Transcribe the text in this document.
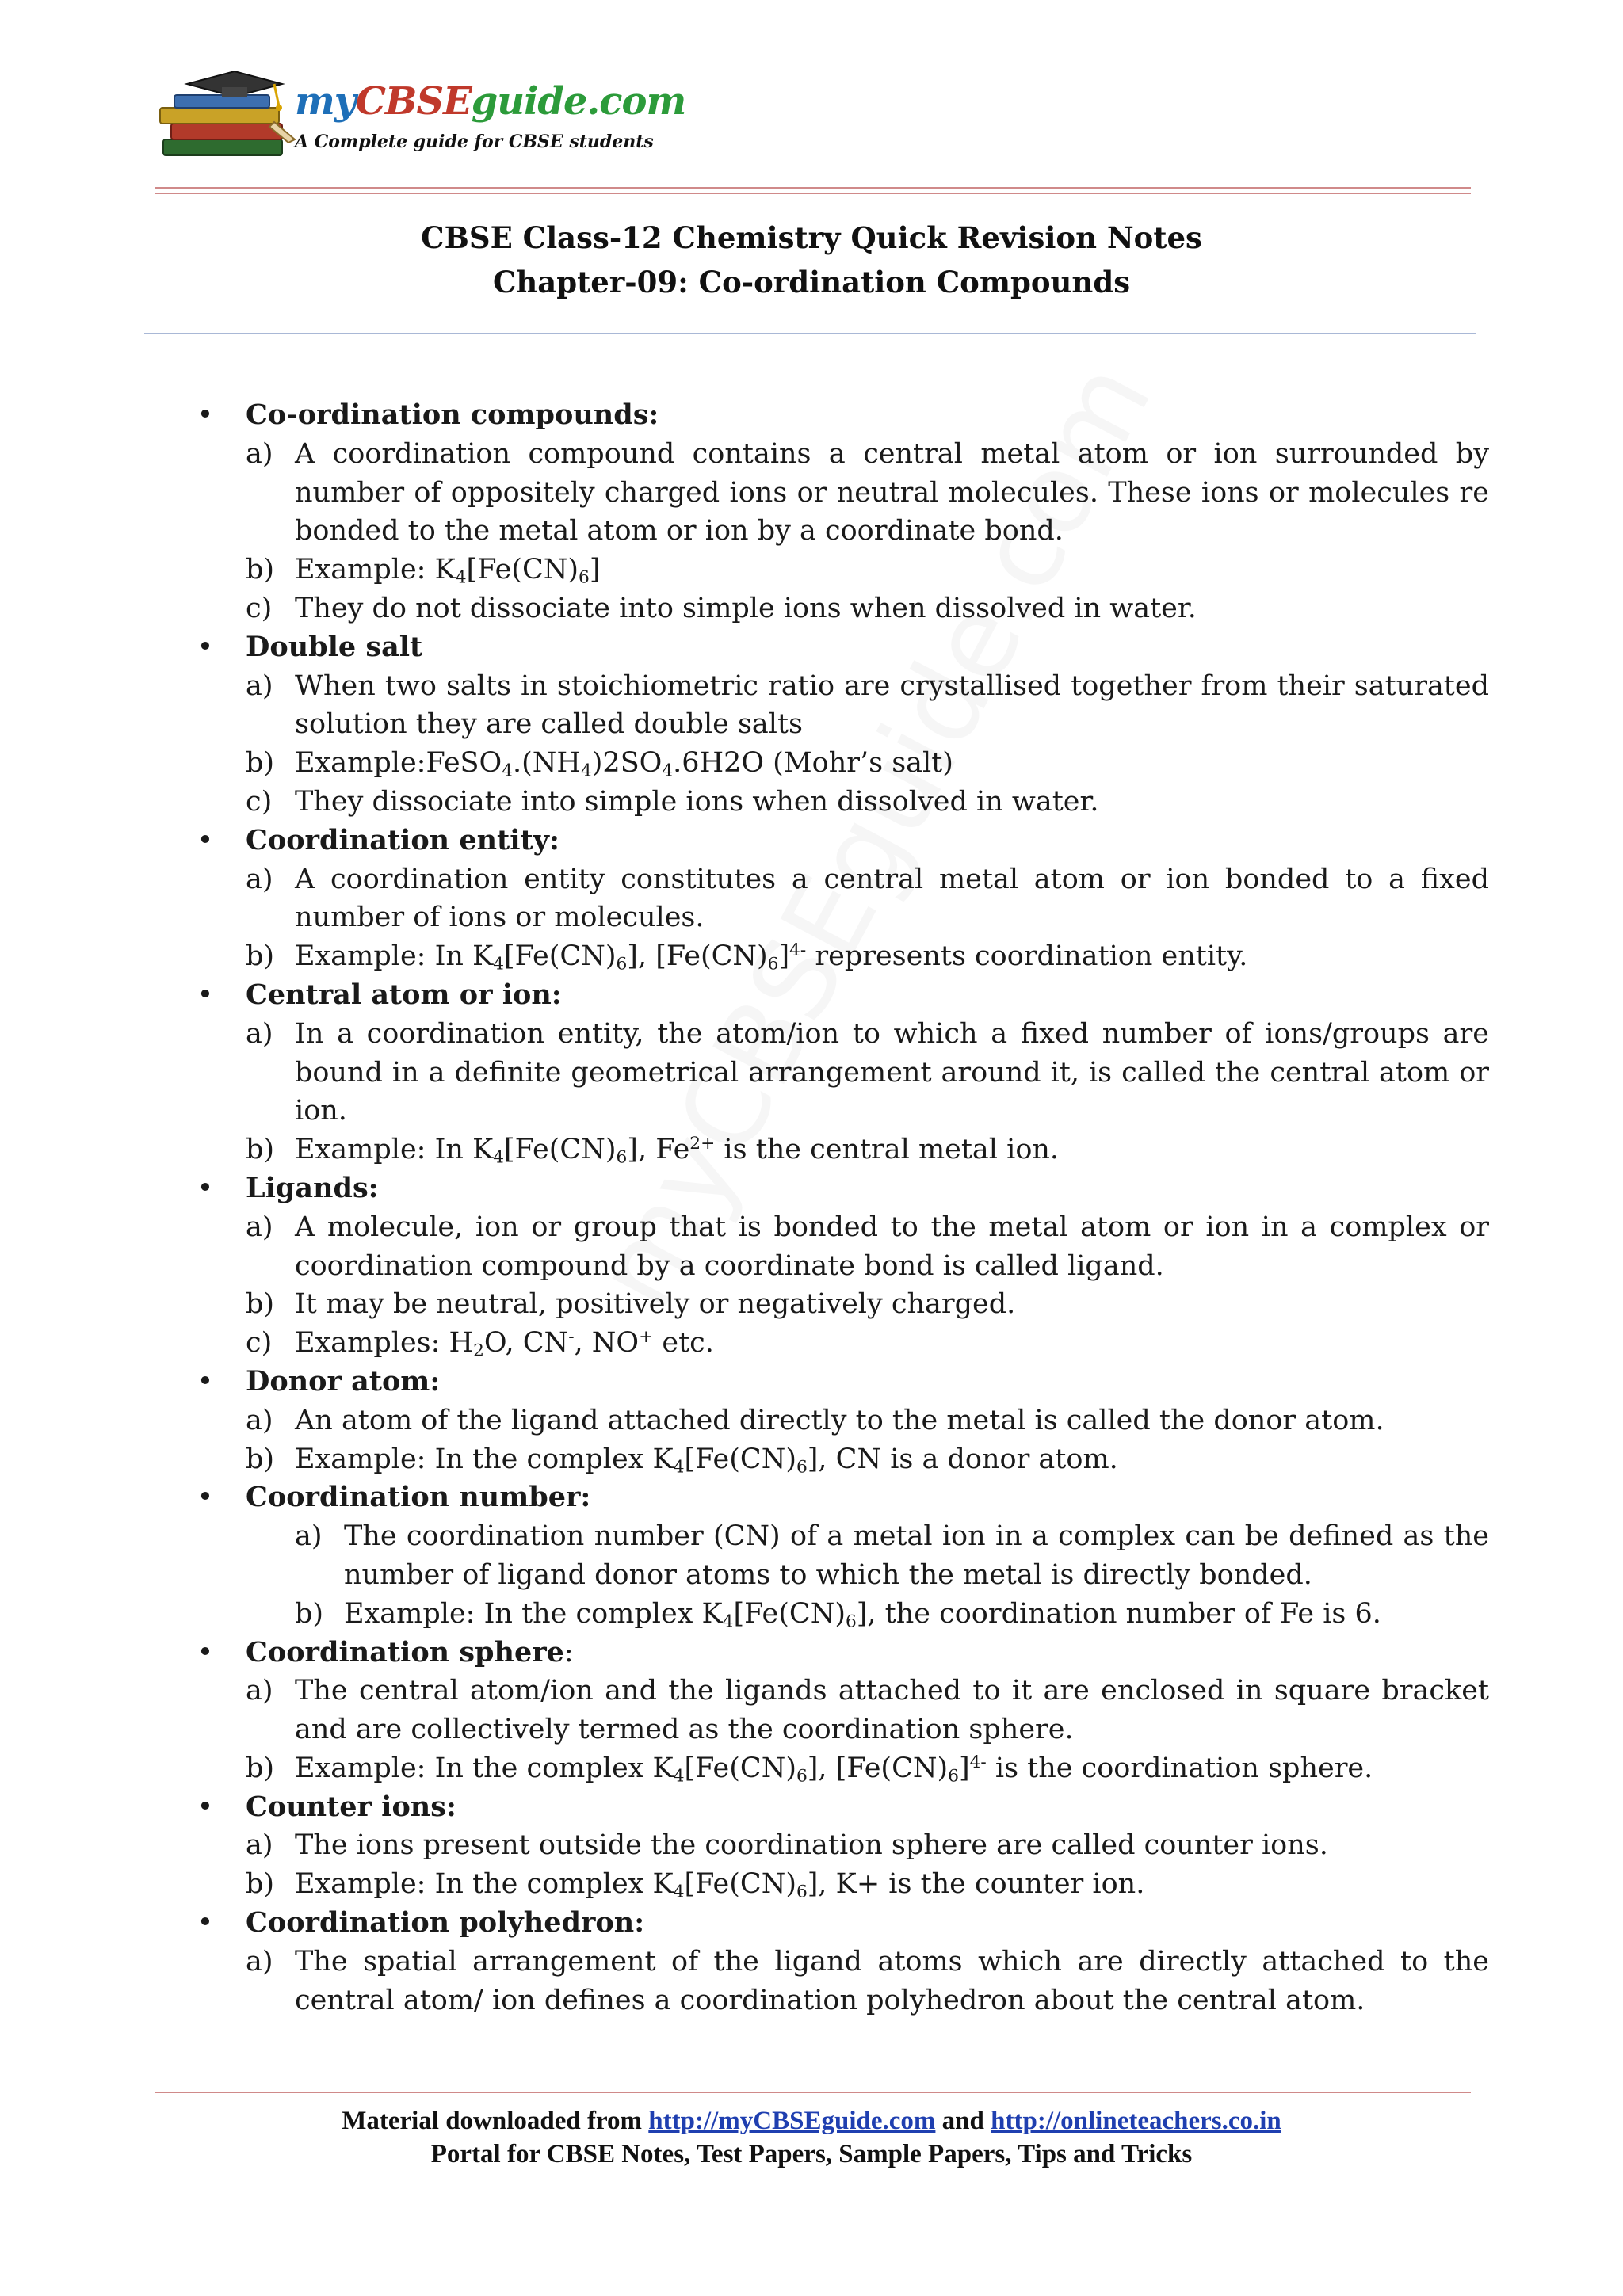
myCBSEguide.com
A Complete guide for CBSE students
CBSE Class-12 Chemistry Quick Revision Notes
Chapter-09: Co-ordination Compounds
• Co-ordination compounds:
a) A coordination compound contains a central metal atom or ion surrounded by number of oppositely charged ions or neutral molecules. These ions or molecules re bonded to the metal atom or ion by a coordinate bond.
b) Example: $K_4[Fe(CN)_6]$
c) They do not dissociate into simple ions when dissolved in water.
• Double salt
a) When two salts in stoichiometric ratio are crystallised together from their saturated solution they are called double salts
b) $Example:FeSO_4.(NH_4)2SO_4.6H2O$ (Mohr’s salt)
c) They dissociate into simple ions when dissolved in water.
• Coordination entity:
a) A coordination entity constitutes a central metal atom or ion bonded to a fixed number of ions or molecules.
b) Example: In $K_4[Fe(CN)_6]$, $[Fe(CN)_6]^{4-}$ represents coordination entity.
• Central atom or ion:
a) In a coordination entity, the atom/ion to which a fixed number of ions/groups are bound in a definite geometrical arrangement around it, is called the central atom or ion.
b) Example: In $K_4[Fe(CN)_6]$, $Fe^{2+}$ is the central metal ion.
• Ligands:
a) A molecule, ion or group that is bonded to the metal atom or ion in a complex or coordination compound by a coordinate bond is called ligand.
b) It may be neutral, positively or negatively charged.
c) Examples: $H_2O$, CN-, NO+ etc.
• Donor atom:
a) An atom of the ligand attached directly to the metal is called the donor atom.
b) Example: In the complex $K_4[Fe(CN)_6]$, CN is a donor atom.
• Coordination number:
a) The coordination number (CN) of a metal ion in a complex can be defined as the number of ligand donor atoms to which the metal is directly bonded.
b) Example: In the complex $K_4[Fe(CN)_6]$, the coordination number of Fe is 6.
• Coordination sphere:
a) The central atom/ion and the ligands attached to it are enclosed in square bracket and are collectively termed as the coordination sphere.
b) Example: In the complex $K_4[Fe(CN)_6]$, $[Fe(CN)_6]^{4-}$ is the coordination sphere.
• Counter ions:
a) The ions present outside the coordination sphere are called counter ions.
b) Example: In the complex $K_4[Fe(CN)_6]$, K+ is the counter ion.
• Coordination polyhedron:
a) The spatial arrangement of the ligand atoms which are directly attached to the central atom/ ion defines a coordination polyhedron about the central atom.
Material downloaded from http://myCBSEguide.com and http://onlineteachers.co.in
Portal for CBSE Notes, Test Papers, Sample Papers, Tips and Tricks
